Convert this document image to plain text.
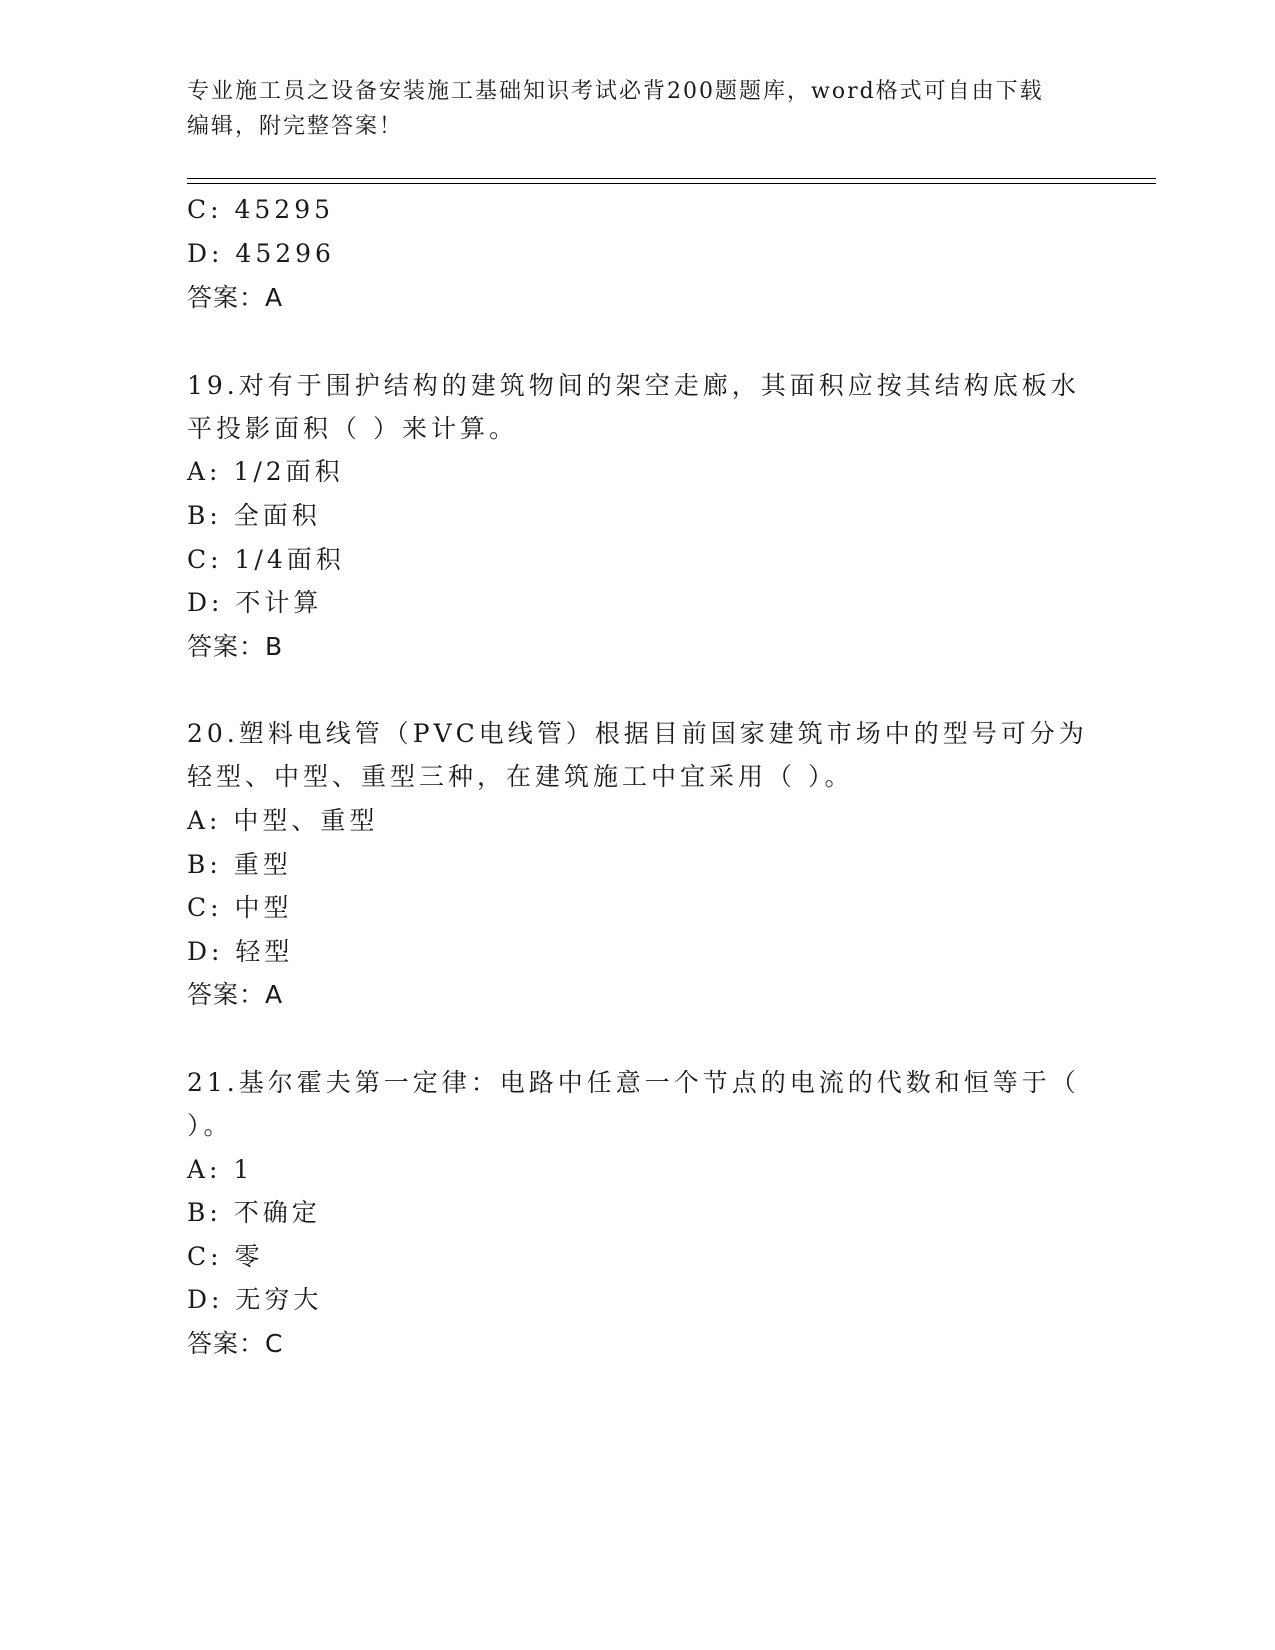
专业施工员之设备安装施工基础知识考试必背200题题库，word格式可自由下载
编辑，附完整答案！
C: 45295
D: 45296
答案：A
19.对有于围护结构的建筑物间的架空走廊，其面积应按其结构底板水
平投影面积（ ）来计算。
A: 1/2面积
B: 全面积
C: 1/4面积
D: 不计算
答案：B
20.塑料电线管（PVC电线管）根据目前国家建筑市场中的型号可分为
轻型、中型、重型三种，在建筑施工中宜采用（ ）。
A: 中型、重型
B: 重型
C: 中型
D: 轻型
答案：A
21.基尔霍夫第一定律：电路中任意一个节点的电流的代数和恒等于（
）。
A: 1
B: 不确定
C: 零
D: 无穷大
答案：C
